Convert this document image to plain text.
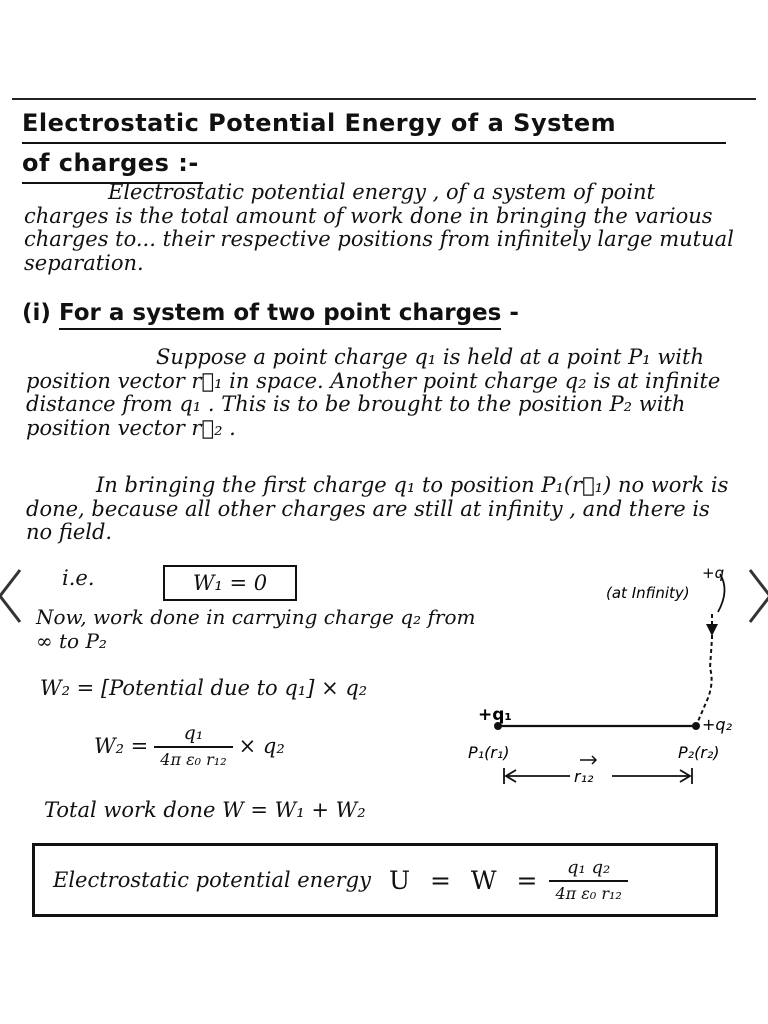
Electrostatic Potential Energy of a System
of charges :-
Electrostatic potential energy , of a system of point charges is the total amount of work done in bringing the various charges to... their respective positions from infinitely large mutual separation.
(i) For a system of two point charges -
Suppose a point charge q₁ is held at a point P₁ with position vector r⃗₁ in space. Another point charge q₂ is at infinite distance from q₁ . This is to be brought to the position P₂ with position vector r⃗₂ .
In bringing the first charge q₁ to position P₁(r⃗₁) no work is done, because all other charges are still at infinity , and there is no field.
i.e.	W₁ = 0
Now, work done in carrying charge q₂ from ∞ to P₂
W₂ = [Potential due to q₁] × q₂
$W_2 = \frac{\text{q₁}}{\text{4π ε₀ r₁₂}} \times q_2$
Total work done W = W₁ + W₂
+q
(at Infinity)
+q₁	+q₂
P₁(r₁)	P₂(r₂)
r₁₂
Electrostatic potential energy $U = W = \frac{\text{q₁ q₂}}{\text{4π ε₀ r₁₂}}$
